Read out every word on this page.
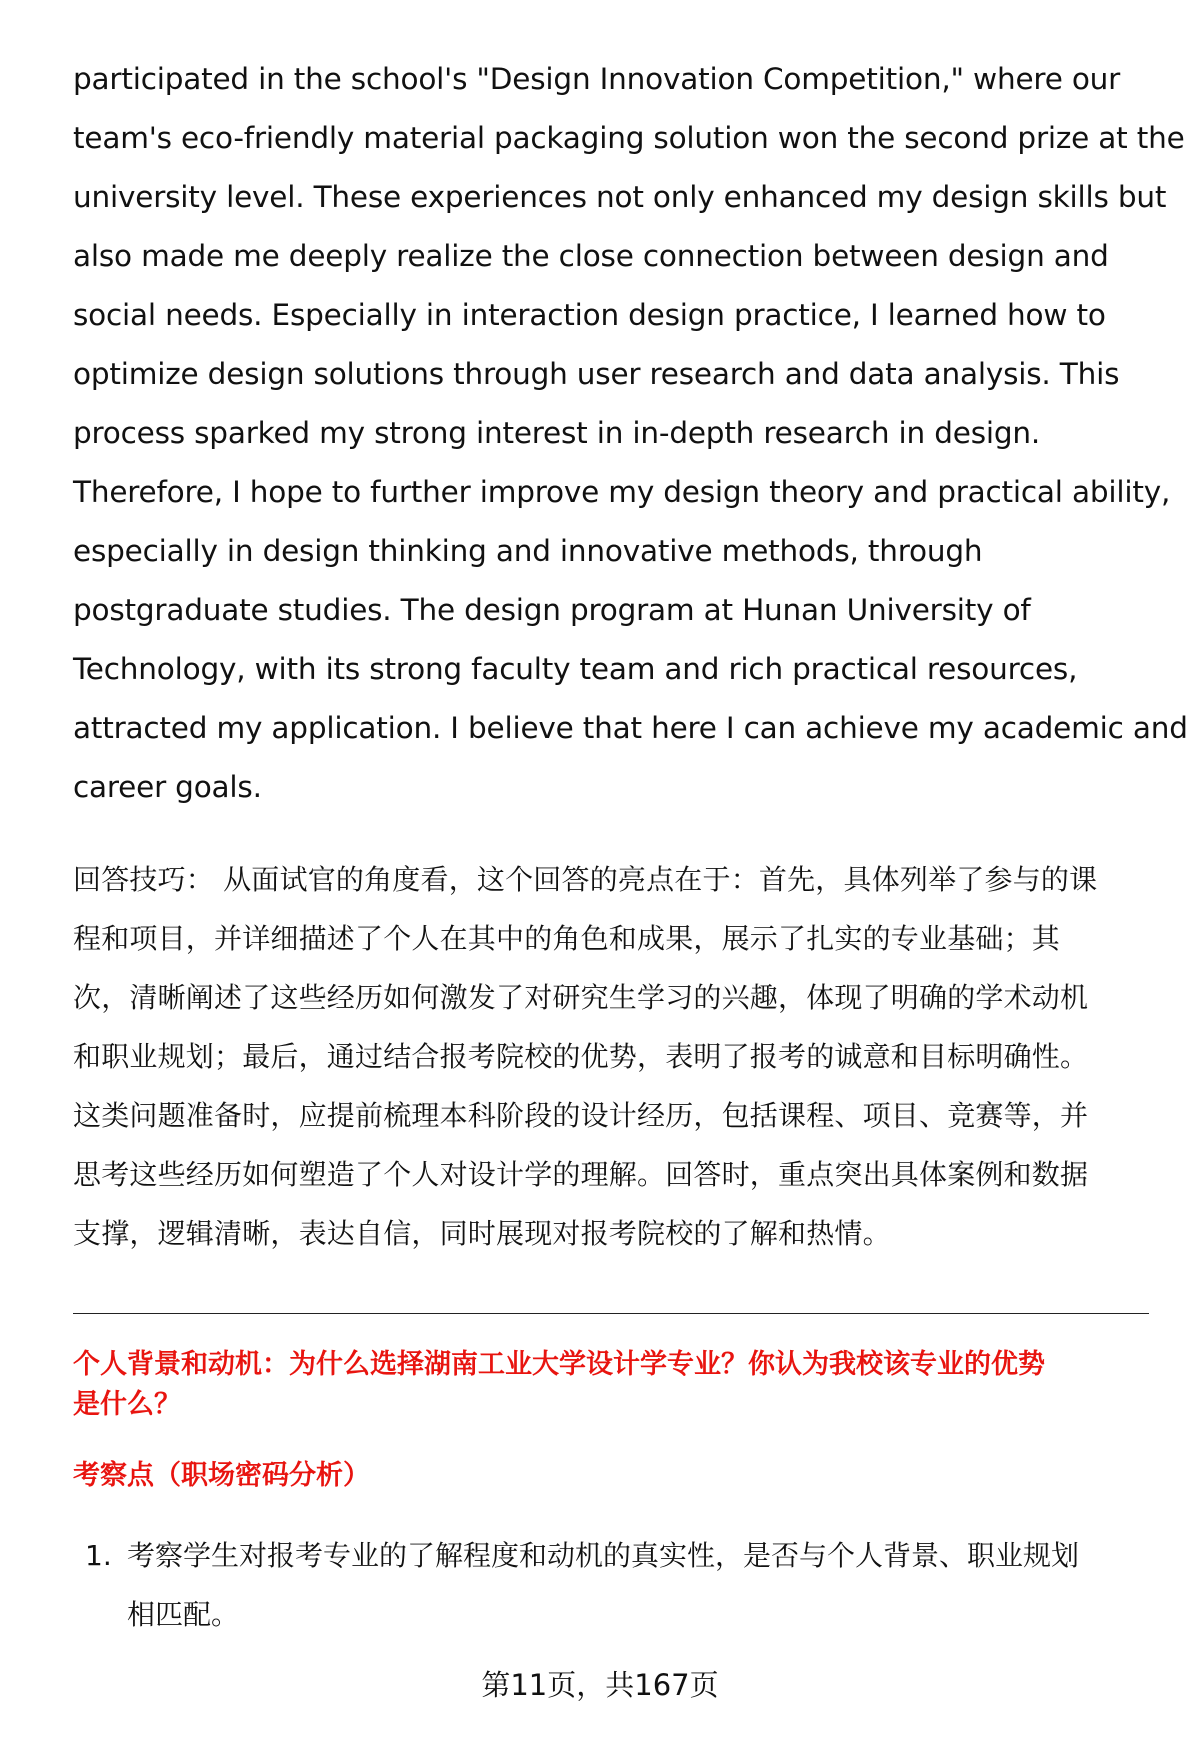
participated in the school's "Design Innovation Competition," where our
team's eco-friendly material packaging solution won the second prize at the
university level. These experiences not only enhanced my design skills but
also made me deeply realize the close connection between design and
social needs. Especially in interaction design practice, I learned how to
optimize design solutions through user research and data analysis. This
process sparked my strong interest in in-depth research in design.
Therefore, I hope to further improve my design theory and practical ability,
especially in design thinking and innovative methods, through
postgraduate studies. The design program at Hunan University of
Technology, with its strong faculty team and rich practical resources,
attracted my application. I believe that here I can achieve my academic and
career goals.
回答技巧： 从面试官的角度看，这个回答的亮点在于：首先，具体列举了参与的课
程和项目，并详细描述了个人在其中的角色和成果，展示了扎实的专业基础；其
次，清晰阐述了这些经历如何激发了对研究生学习的兴趣，体现了明确的学术动机
和职业规划；最后，通过结合报考院校的优势，表明了报考的诚意和目标明确性。
这类问题准备时，应提前梳理本科阶段的设计经历，包括课程、项目、竞赛等，并
思考这些经历如何塑造了个人对设计学的理解。回答时，重点突出具体案例和数据
支撑，逻辑清晰，表达自信，同时展现对报考院校的了解和热情。
个人背景和动机：为什么选择湖南工业大学设计学专业？你认为我校该专业的优势
是什么？
考察点（职场密码分析）
1. 考察学生对报考专业的了解程度和动机的真实性，是否与个人背景、职业规划
相匹配。
第11页，共167页
